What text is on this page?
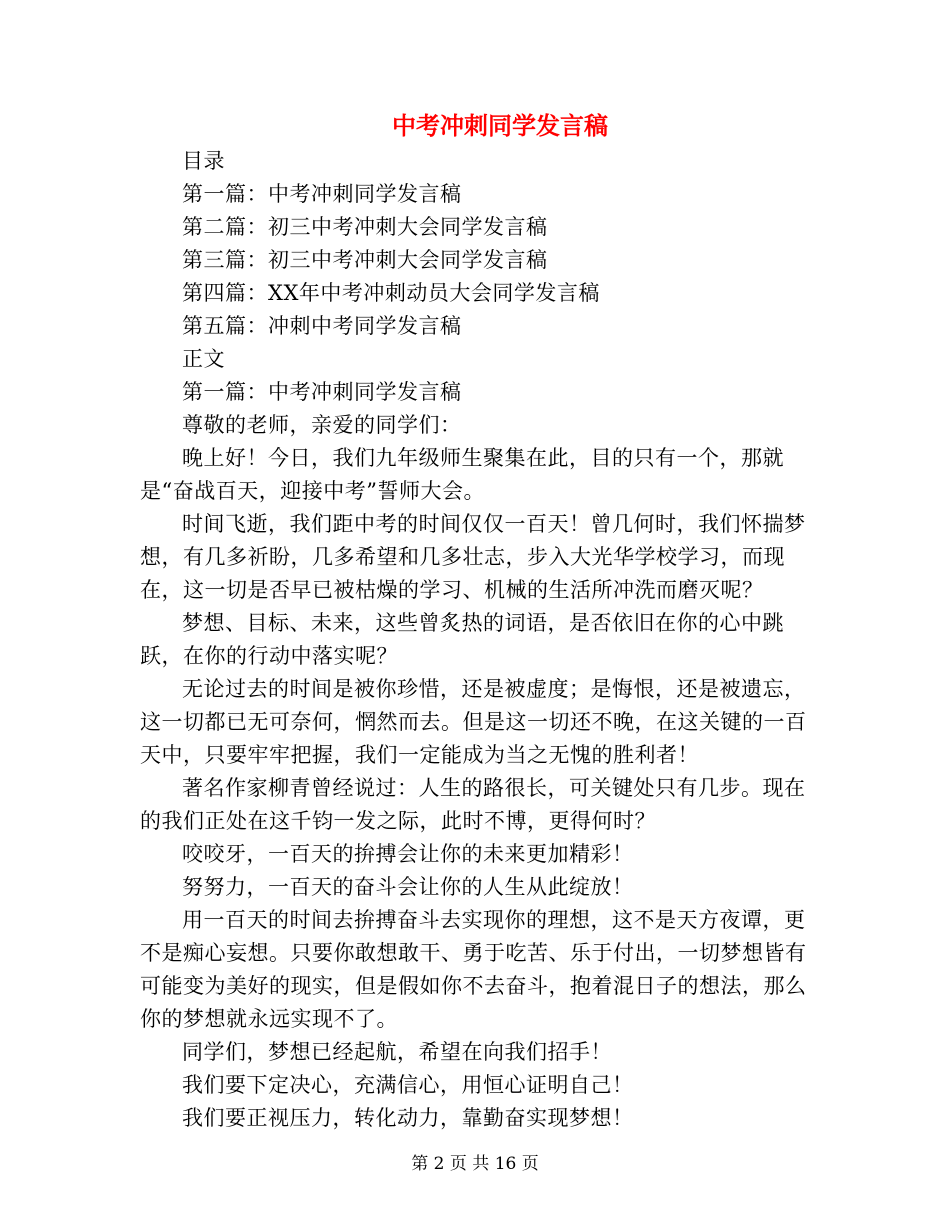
中考冲刺同学发言稿

目录

第一篇：中考冲刺同学发言稿

第二篇：初三中考冲刺大会同学发言稿

第三篇：初三中考冲刺大会同学发言稿

第四篇：XX年中考冲刺动员大会同学发言稿

第五篇：冲刺中考同学发言稿

正文

第一篇：中考冲刺同学发言稿

尊敬的老师，亲爱的同学们：

晚上好！今日，我们九年级师生聚集在此，目的只有一个，那就是“奋战百天，迎接中考”誓师大会。

时间飞逝，我们距中考的时间仅仅一百天！曾几何时，我们怀揣梦想，有几多祈盼，几多希望和几多壮志，步入大光华学校学习，而现在，这一切是否早已被枯燥的学习、机械的生活所冲洗而磨灭呢？

梦想、目标、未来，这些曾炙热的词语，是否依旧在你的心中跳跃，在你的行动中落实呢？

无论过去的时间是被你珍惜，还是被虚度；是悔恨，还是被遗忘，这一切都已无可奈何，惘然而去。但是这一切还不晚，在这关键的一百天中，只要牢牢把握，我们一定能成为当之无愧的胜利者！

著名作家柳青曾经说过：人生的路很长，可关键处只有几步。现在的我们正处在这千钧一发之际，此时不博，更得何时？

咬咬牙，一百天的拚搏会让你的未来更加精彩！

努努力，一百天的奋斗会让你的人生从此绽放！

用一百天的时间去拚搏奋斗去实现你的理想，这不是天方夜谭，更不是痴心妄想。只要你敢想敢干、勇于吃苦、乐于付出，一切梦想皆有可能变为美好的现实，但是假如你不去奋斗，抱着混日子的想法，那么你的梦想就永远实现不了。

同学们，梦想已经起航，希望在向我们招手！

我们要下定决心，充满信心，用恒心证明自己！

我们要正视压力，转化动力，靠勤奋实现梦想！

第 2 页 共 16 页
